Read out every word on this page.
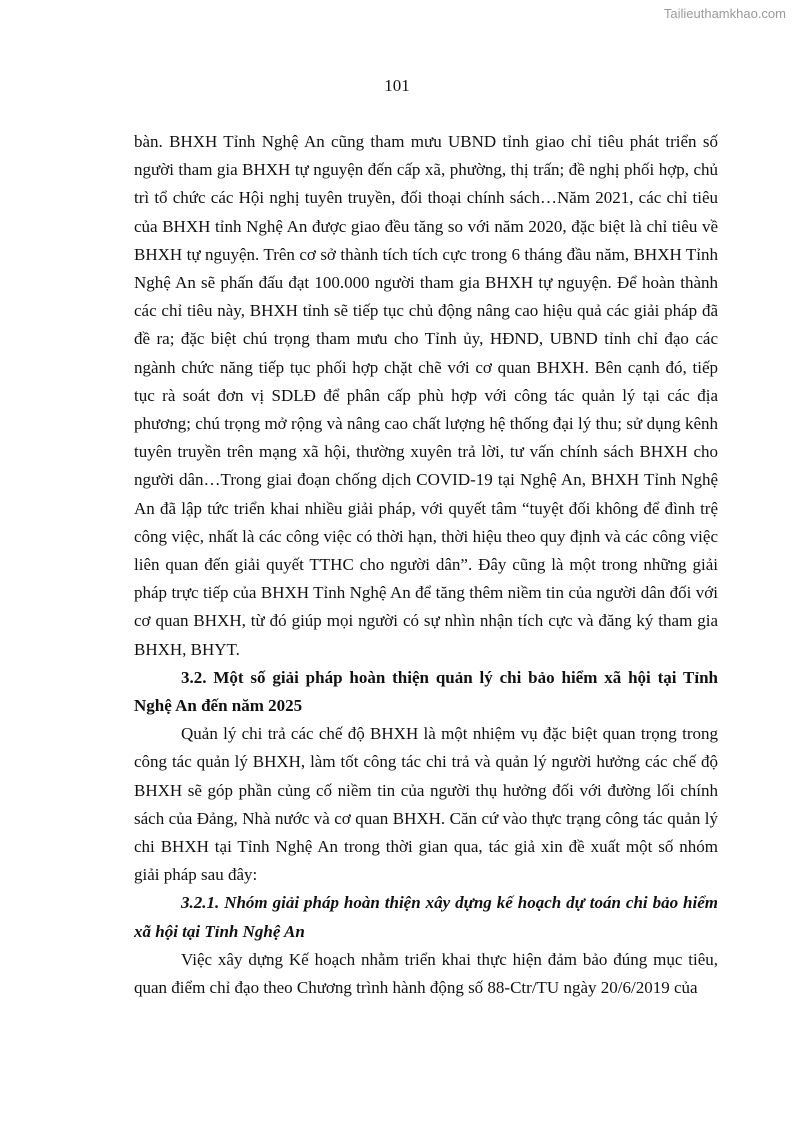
Tailieuthamkhao.com
101

bàn. BHXH Tỉnh Nghệ An cũng tham mưu UBND tỉnh giao chỉ tiêu phát triển số người tham gia BHXH tự nguyện đến cấp xã, phường, thị trấn; đề nghị phối hợp, chủ trì tổ chức các Hội nghị tuyên truyền, đối thoại chính sách…Năm 2021, các chỉ tiêu của BHXH tỉnh Nghệ An được giao đều tăng so với năm 2020, đặc biệt là chỉ tiêu về BHXH tự nguyện. Trên cơ sở thành tích tích cực trong 6 tháng đầu năm, BHXH Tỉnh Nghệ An sẽ phấn đấu đạt 100.000 người tham gia BHXH tự nguyện. Để hoàn thành các chỉ tiêu này, BHXH tỉnh sẽ tiếp tục chủ động nâng cao hiệu quả các giải pháp đã đề ra; đặc biệt chú trọng tham mưu cho Tỉnh ủy, HĐND, UBND tỉnh chỉ đạo các ngành chức năng tiếp tục phối hợp chặt chẽ với cơ quan BHXH. Bên cạnh đó, tiếp tục rà soát đơn vị SDLĐ để phân cấp phù hợp với công tác quản lý tại các địa phương; chú trọng mở rộng và nâng cao chất lượng hệ thống đại lý thu; sử dụng kênh tuyên truyền trên mạng xã hội, thường xuyên trả lời, tư vấn chính sách BHXH cho người dân…Trong giai đoạn chống dịch COVID-19 tại Nghệ An, BHXH Tỉnh Nghệ An đã lập tức triển khai nhiều giải pháp, với quyết tâm “tuyệt đối không để đình trệ công việc, nhất là các công việc có thời hạn, thời hiệu theo quy định và các công việc liên quan đến giải quyết TTHC cho người dân”. Đây cũng là một trong những giải pháp trực tiếp của BHXH Tỉnh Nghệ An để tăng thêm niềm tin của người dân đối với cơ quan BHXH, từ đó giúp mọi người có sự nhìn nhận tích cực và đăng ký tham gia BHXH, BHYT.

3.2. Một số giải pháp hoàn thiện quản lý chi bảo hiểm xã hội tại Tỉnh Nghệ An đến năm 2025

Quản lý chi trả các chế độ BHXH là một nhiệm vụ đặc biệt quan trọng trong công tác quản lý BHXH, làm tốt công tác chi trả và quản lý người hưởng các chế độ BHXH sẽ góp phần củng cố niềm tin của người thụ hưởng đối với đường lối chính sách của Đảng, Nhà nước và cơ quan BHXH. Căn cứ vào thực trạng công tác quản lý chi BHXH tại Tỉnh Nghệ An trong thời gian qua, tác giả xin đề xuất một số nhóm giải pháp sau đây:

3.2.1. Nhóm giải pháp hoàn thiện xây dựng kế hoạch dự toán chi bảo hiểm xã hội tại Tỉnh Nghệ An

Việc xây dựng Kế hoạch nhằm triển khai thực hiện đảm bảo đúng mục tiêu, quan điểm chỉ đạo theo Chương trình hành động số 88-Ctr/TU ngày 20/6/2019 của
